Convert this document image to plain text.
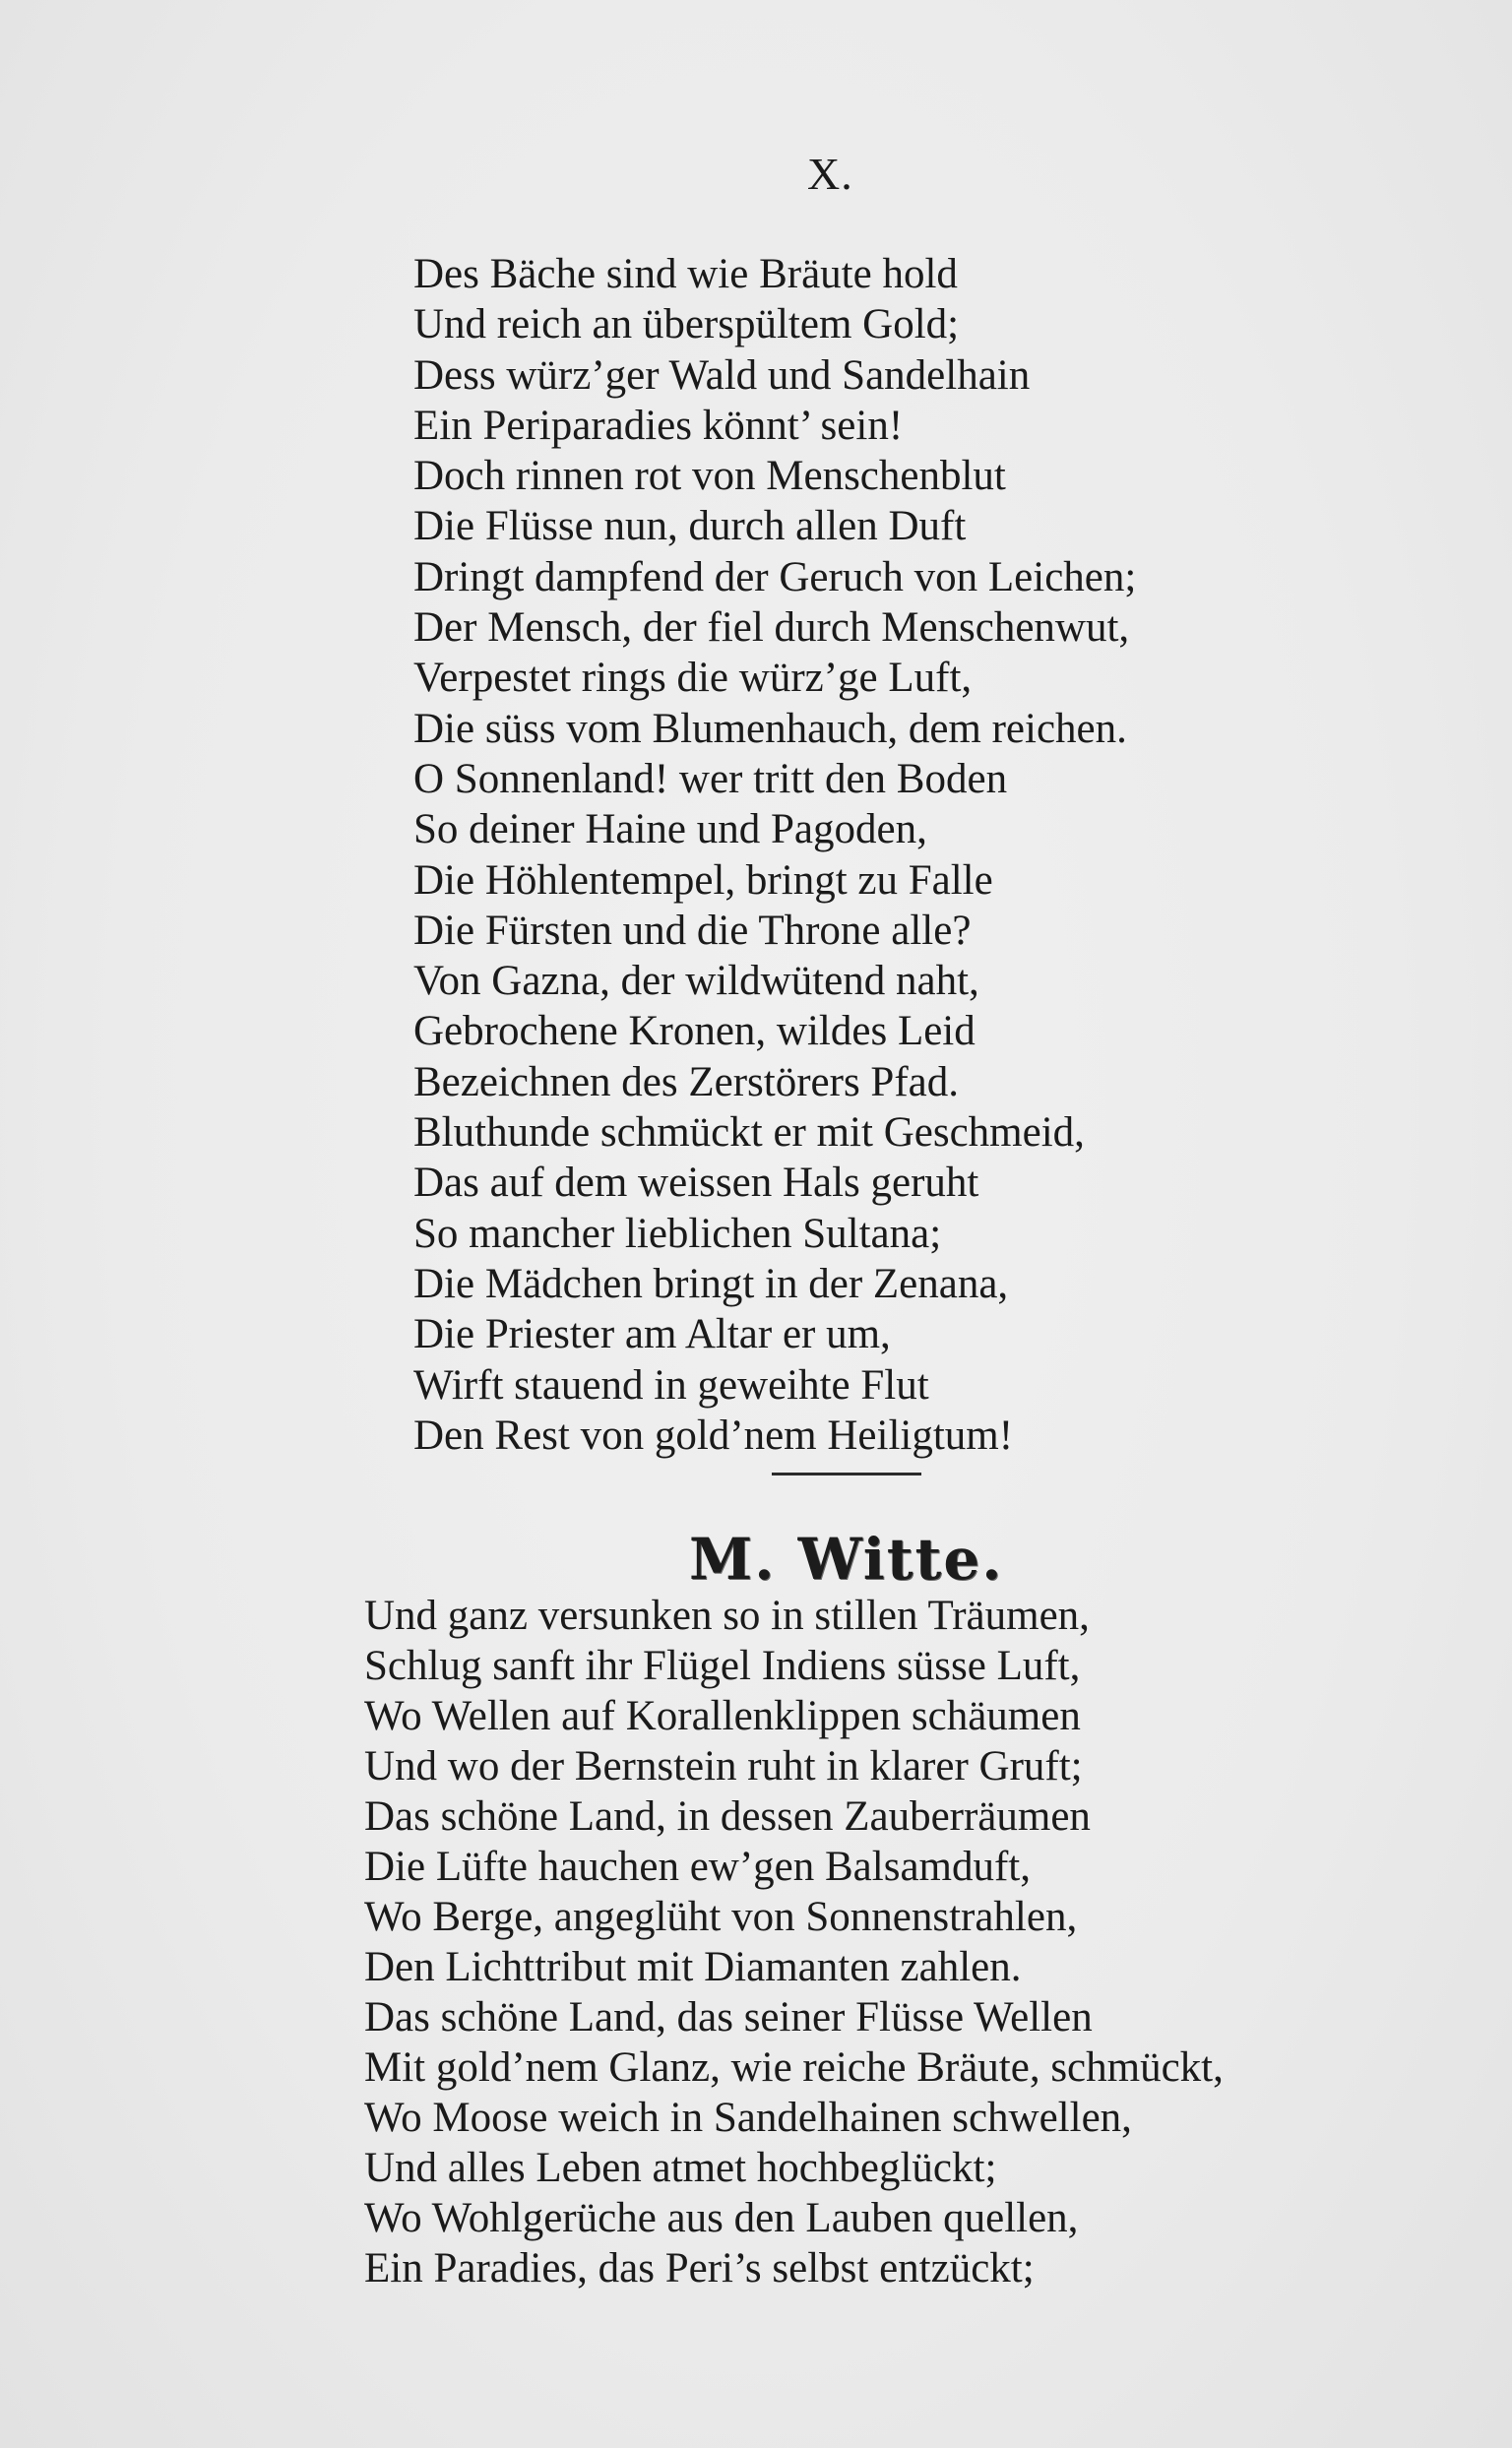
X.
Des Bäche sind wie Bräute hold
Und reich an überspültem Gold;
Dess würz’ger Wald und Sandelhain
Ein Periparadies könnt’ sein!
Doch rinnen rot von Menschenblut
Die Flüsse nun, durch allen Duft
Dringt dampfend der Geruch von Leichen;
Der Mensch, der fiel durch Menschenwut,
Verpestet rings die würz’ge Luft,
Die süss vom Blumenhauch, dem reichen.
O Sonnenland! wer tritt den Boden
So deiner Haine und Pagoden,
Die Höhlentempel, bringt zu Falle
Die Fürsten und die Throne alle?
Von Gazna, der wildwütend naht,
Gebrochene Kronen, wildes Leid
Bezeichnen des Zerstörers Pfad.
Bluthunde schmückt er mit Geschmeid,
Das auf dem weissen Hals geruht
So mancher lieblichen Sultana;
Die Mädchen bringt in der Zenana,
Die Priester am Altar er um,
Wirft stauend in geweihte Flut
Den Rest von gold’nem Heiligtum!
M. Witte.
Und ganz versunken so in stillen Träumen,
Schlug sanft ihr Flügel Indiens süsse Luft,
Wo Wellen auf Korallenklippen schäumen
Und wo der Bernstein ruht in klarer Gruft;
Das schöne Land, in dessen Zauberräumen
Die Lüfte hauchen ew’gen Balsamduft,
Wo Berge, angeglüht von Sonnenstrahlen,
Den Lichttribut mit Diamanten zahlen.
Das schöne Land, das seiner Flüsse Wellen
Mit gold’nem Glanz, wie reiche Bräute, schmückt,
Wo Moose weich in Sandelhainen schwellen,
Und alles Leben atmet hochbeglückt;
Wo Wohlgerüche aus den Lauben quellen,
Ein Paradies, das Peri’s selbst entzückt;
